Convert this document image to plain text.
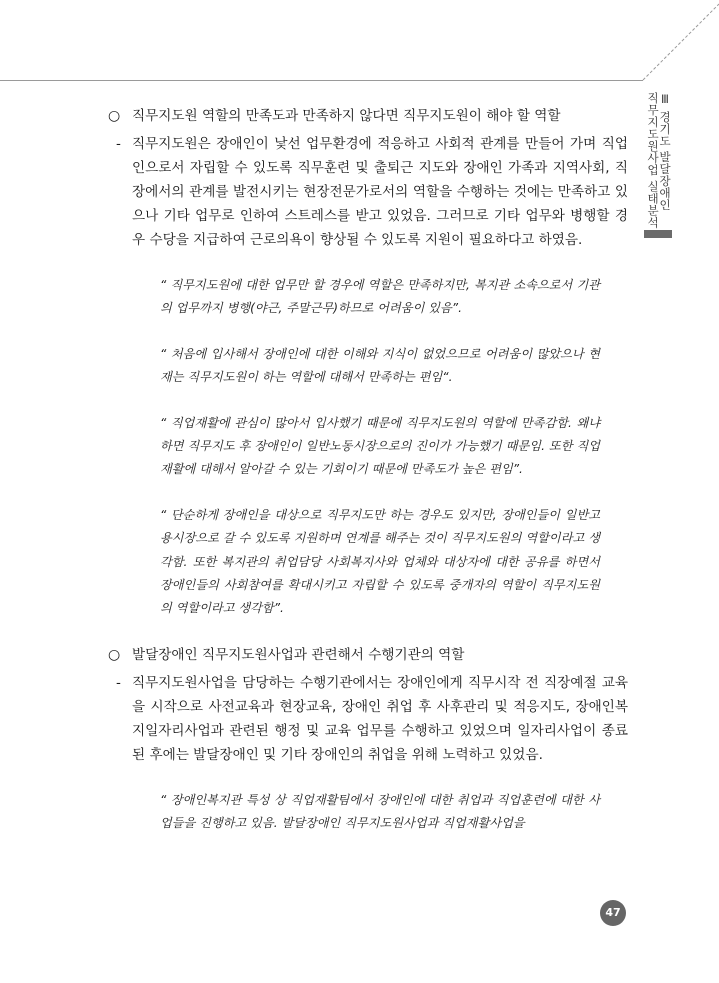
직무지도원사업 실태분석
Ⅲ 경기도 발달장애인
○ 직무지도원 역할의 만족도과 만족하지 않다면 직무지도원이 해야 할 역할
- 직무지도원은 장애인이 낯선 업무환경에 적응하고 사회적 관계를 만들어 가며 직업인으로서 자립할 수 있도록 직무훈련 및 출퇴근 지도와 장애인 가족과 지역사회, 직장에서의 관계를 발전시키는 현장전문가로서의 역할을 수행하는 것에는 만족하고 있으나 기타 업무로 인하여 스트레스를 받고 있었음. 그러므로 기타 업무와 병행할 경우 수당을 지급하여 근로의욕이 향상될 수 있도록 지원이 필요하다고 하였음.
“ 직무지도원에 대한 업무만 할 경우에 역할은 만족하지만, 복지관 소속으로서 기관의 업무까지 병행(야근, 주말근무)하므로 어려움이 있음”.
“ 처음에 입사해서 장애인에 대한 이해와 지식이 없었으므로 어려움이 많았으나 현재는 직무지도원이 하는 역할에 대해서 만족하는 편임“.
“ 직업재활에 관심이 많아서 입사했기 때문에 직무지도원의 역할에 만족감함. 왜냐하면 직무지도 후 장애인이 일반노동시장으로의 진이가 가능했기 때문임. 또한 직업재활에 대해서 알아갈 수 있는 기회이기 때문에 만족도가 높은 편임”.
“ 단순하게 장애인을 대상으로 직무지도만 하는 경우도 있지만, 장애인들이 일반고용시장으로 갈 수 있도록 지원하며 연계를 해주는 것이 직무지도원의 역할이라고 생각함. 또한 복지관의 취업담당 사회복지사와 업체와 대상자에 대한 공유를 하면서 장애인들의 사회참여를 확대시키고 자립할 수 있도록 중개자의 역할이 직무지도원의 역할이라고 생각함”.
○ 발달장애인 직무지도원사업과 관련해서 수행기관의 역할
- 직무지도원사업을 담당하는 수행기관에서는 장애인에게 직무시작 전 직장예절 교육을 시작으로 사전교육과 현장교육, 장애인 취업 후 사후관리 및 적응지도, 장애인복지일자리사업과 관련된 행정 및 교육 업무를 수행하고 있었으며 일자리사업이 종료된 후에는 발달장애인 및 기타 장애인의 취업을 위해 노력하고 있었음.
“ 장애인복지관 특성 상 직업재활팀에서 장애인에 대한 취업과 직업훈련에 대한 사업들을 진행하고 있음. 발달장애인 직무지도원사업과 직업재활사업을
47
